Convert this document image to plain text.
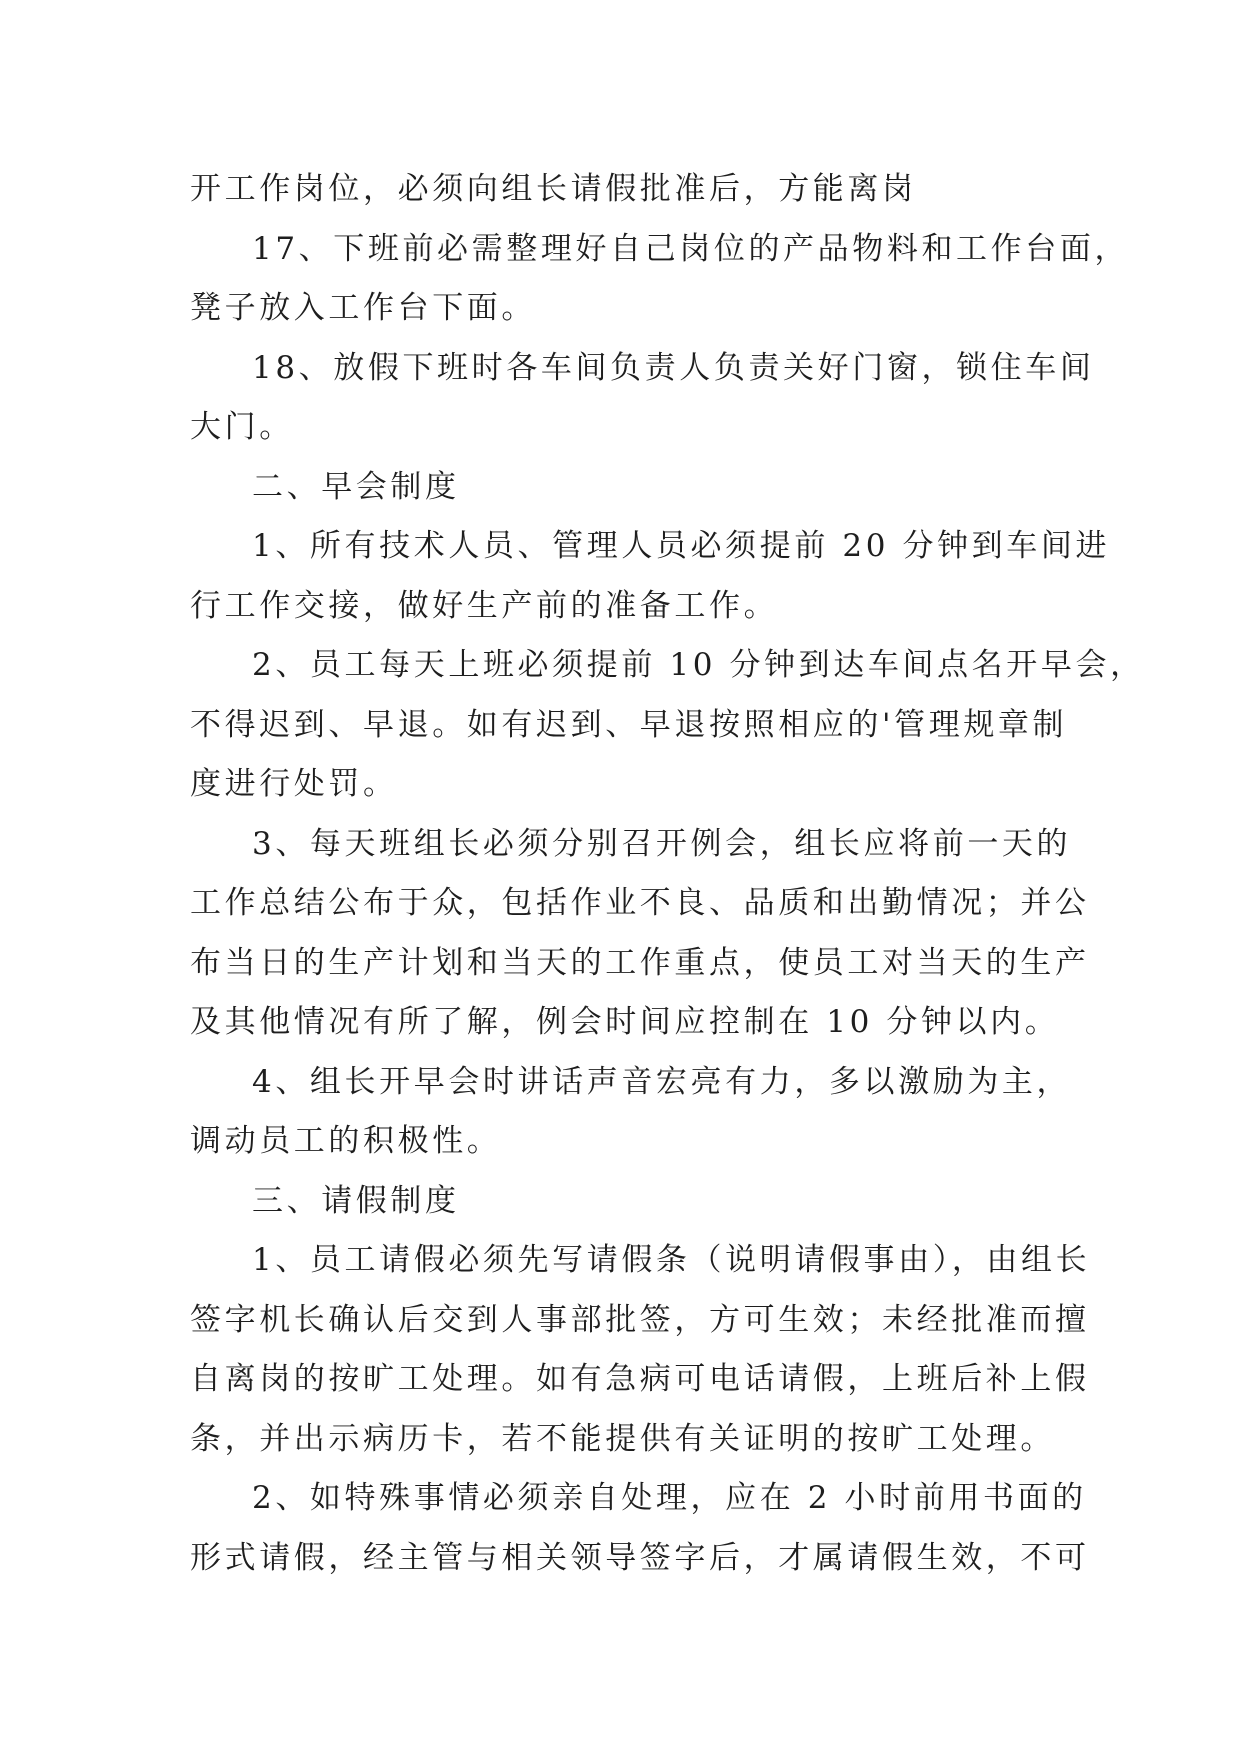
开工作岗位，必须向组长请假批准后，方能离岗
17、下班前必需整理好自己岗位的产品物料和工作台面，
凳子放入工作台下面。
18、放假下班时各车间负责人负责关好门窗，锁住车间
大门。
二、早会制度
1、所有技术人员、管理人员必须提前 20 分钟到车间进
行工作交接，做好生产前的准备工作。
2、员工每天上班必须提前 10 分钟到达车间点名开早会，
不得迟到、早退。如有迟到、早退按照相应的'管理规章制
度进行处罚。
3、每天班组长必须分别召开例会，组长应将前一天的
工作总结公布于众，包括作业不良、品质和出勤情况；并公
布当日的生产计划和当天的工作重点，使员工对当天的生产
及其他情况有所了解，例会时间应控制在 10 分钟以内。
4、组长开早会时讲话声音宏亮有力，多以激励为主，
调动员工的积极性。
三、请假制度
1、员工请假必须先写请假条（说明请假事由），由组长
签字机长确认后交到人事部批签，方可生效；未经批准而擅
自离岗的按旷工处理。如有急病可电话请假，上班后补上假
条，并出示病历卡，若不能提供有关证明的按旷工处理。
2、如特殊事情必须亲自处理，应在 2 小时前用书面的
形式请假，经主管与相关领导签字后，才属请假生效，不可
